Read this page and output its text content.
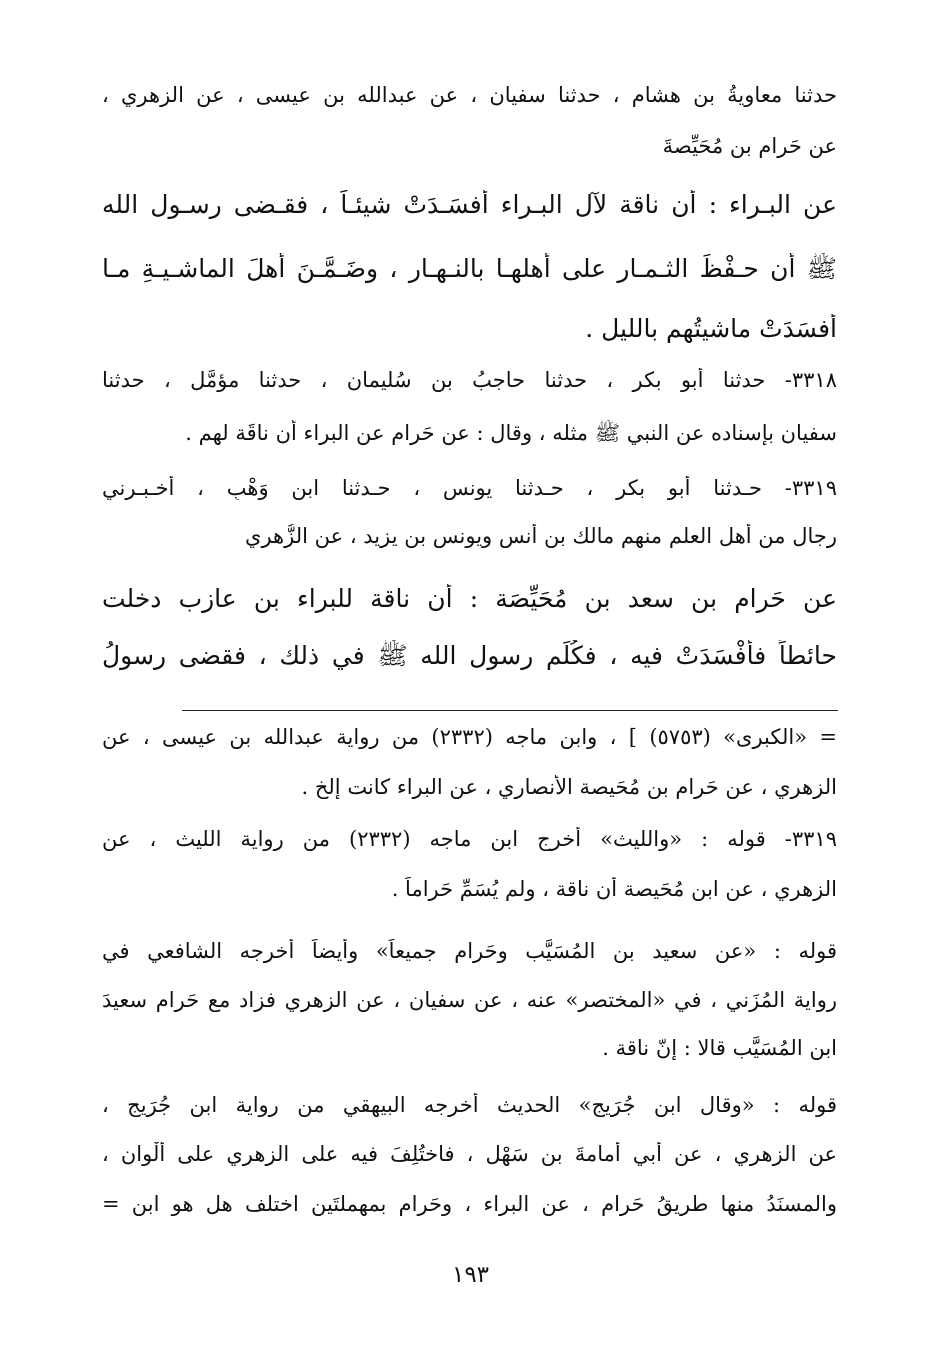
حدثنا معاويةُ بن هشام ، حدثنا سفيان ، عن عبدالله بن عيسى ، عن الزهري ،
عن حَرام بن مُحَيِّصةَ
عن البـراء : أن ناقة لآل البـراء أفسَـدَتْ شيئـاً ، فقـضى رسـول الله
ﷺ أن حـفْظَ الثـمـار على أهلهـا بالنـهـار ، وضَـمَّـنَ أهلَ الماشـيـةِ مـا
أفسَدَتْ ماشيتُهم بالليل .
٣٣١٨- حدثنا أبو بكر ، حدثنا حاجبُ بن سُليمان ، حدثنا مؤمَّل ، حدثنا
سفيان بإسناده عن النبي ﷺ مثله ، وقال : عن حَرام عن البراء أن ناقَة لهم .
٣٣١٩- حـدثنا أبو بكر ، حـدثنا يونس ، حـدثنا ابن وَهْبٍ ، أخـبـرني
رجال من أهل العلم منهم مالك بن أنس ويونس بن يزيد ، عن الزُّهري
عن حَرام بن سعد بن مُحَيِّصَة : أن ناقة للبراء بن عازب دخلت
حائطاً فأَفْسَدَتْ فيه ، فكُلِّم رسول الله ﷺ في ذلك ، فقضى رسولُ
= «الكبرى» (٥٧٥٣) ] ، وابن ماجه (٢٣٣٢) من رواية عبدالله بن عيسى ، عن
الزهري ، عن حَرام بن مُحَيصة الأنصاري ، عن البراء كانت إلخ .
٣٣١٩- قوله : «والليث» أخرج ابن ماجه (٢٣٣٢) من رواية الليث ، عن
الزهري ، عن ابن مُحَيصة أن ناقة ، ولم يُسَمِّ حَراماً .
قوله : «عن سعيد بن المُسَيَّب وحَرام جميعاً» وأيضاً أخرجه الشافعي في
رواية المُزَني ، في «المختصر» عنه ، عن سفيان ، عن الزهري فزاد مع حَرام سعيدَ
ابن المُسَيَّب قالا : إنّ ناقة .
قوله : «وقال ابن جُرَيج» الحديث أخرجه البيهقي من رواية ابن جُرَيج ،
عن الزهري ، عن أبي أُمامةَ بن سَهْل ، فاختُلِفَ فيه على الزهري على أَلْوانٍ ،
والمسنَدُ منها طريقُ حَرامٍ ، عن البراء ، وحَرام بمهملتَين اختلف هل هو ابن =
١٩٣
